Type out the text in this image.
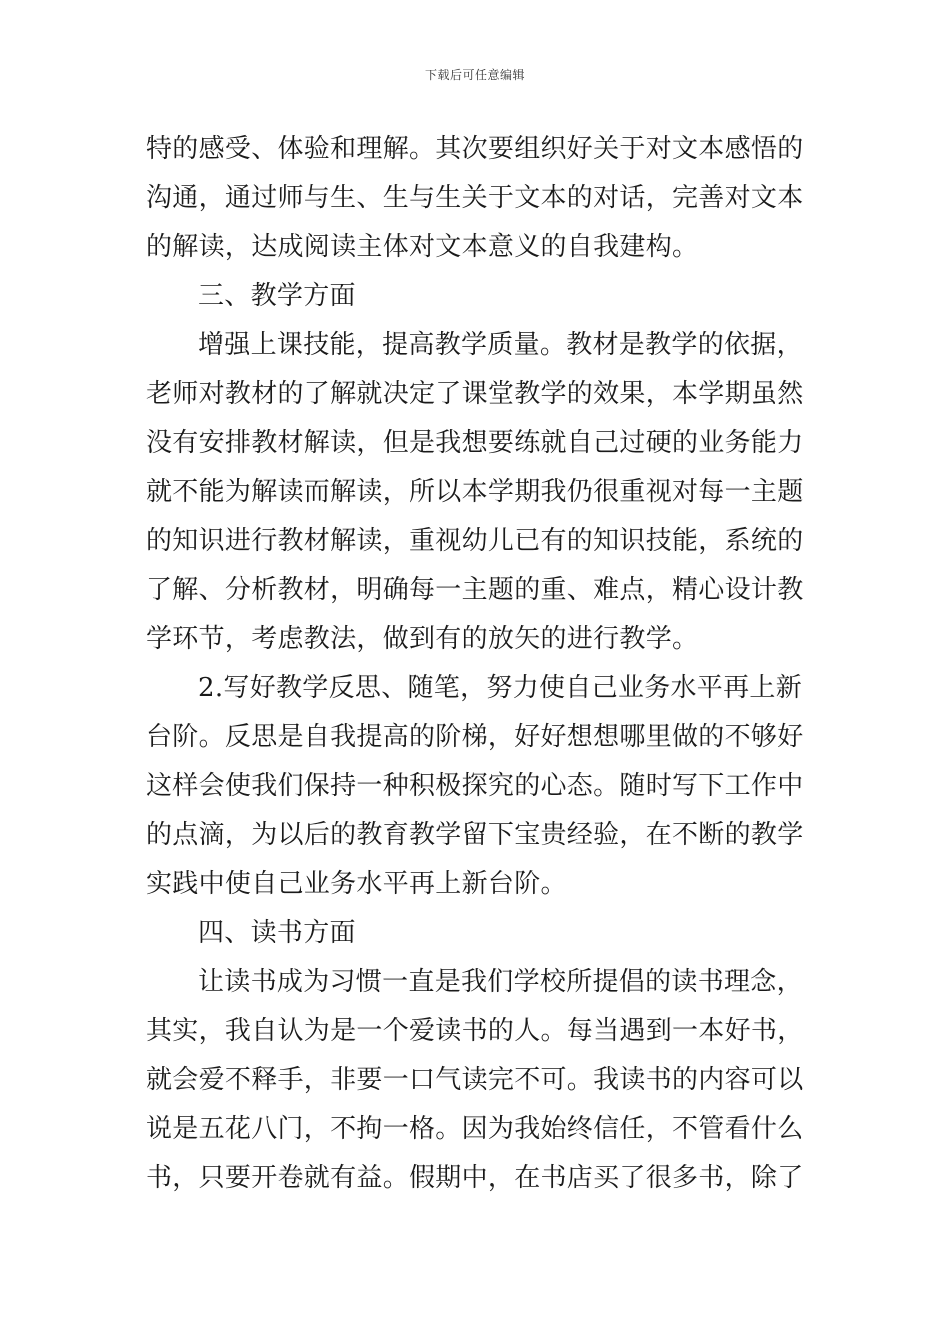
下载后可任意编辑
特的感受、体验和理解。其次要组织好关于对文本感悟的
沟通，通过师与生、生与生关于文本的对话，完善对文本
的解读，达成阅读主体对文本意义的自我建构。
三、教学方面
增强上课技能，提高教学质量。教材是教学的依据，
老师对教材的了解就决定了课堂教学的效果，本学期虽然
没有安排教材解读，但是我想要练就自己过硬的业务能力
就不能为解读而解读，所以本学期我仍很重视对每一主题
的知识进行教材解读，重视幼儿已有的知识技能，系统的
了解、分析教材，明确每一主题的重、难点，精心设计教
学环节，考虑教法，做到有的放矢的进行教学。
2.写好教学反思、随笔，努力使自己业务水平再上新
台阶。反思是自我提高的阶梯，好好想想哪里做的不够好
这样会使我们保持一种积极探究的心态。随时写下工作中
的点滴，为以后的教育教学留下宝贵经验，在不断的教学
实践中使自己业务水平再上新台阶。
四、读书方面
让读书成为习惯一直是我们学校所提倡的读书理念，
其实，我自认为是一个爱读书的人。每当遇到一本好书，
就会爱不释手，非要一口气读完不可。我读书的内容可以
说是五花八门，不拘一格。因为我始终信任，不管看什么
书，只要开卷就有益。假期中，在书店买了很多书，除了
